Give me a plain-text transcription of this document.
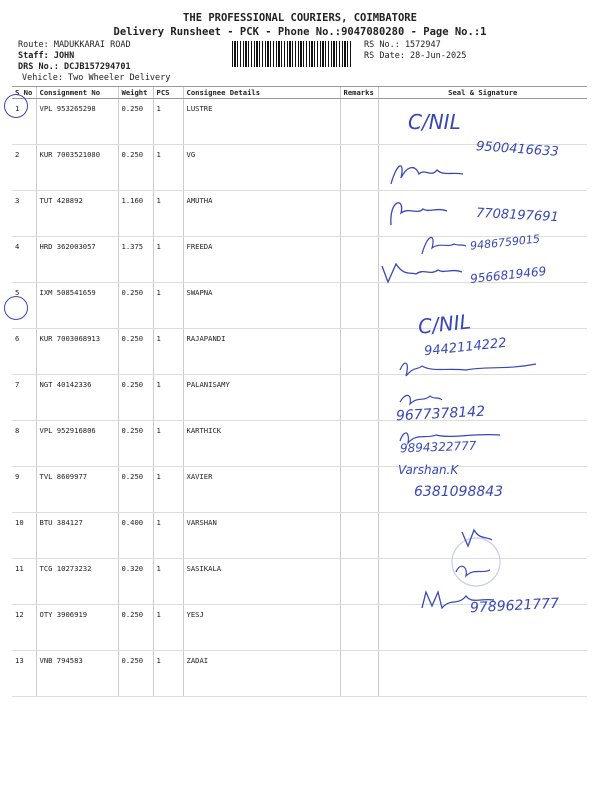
THE PROFESSIONAL COURIERS, COIMBATORE
Delivery Runsheet - PCK - Phone No.:9047080280 - Page No.:1
Route: MADUKKARAI ROAD
Staff: JOHN
DRS No.: DCJB157294701
Vehicle: Two Wheeler Delivery
RS No.: 1572947
RS Date: 28-Jun-2025
S No	Consignment No	Weight	PCS	Consignee Details	Remarks	Seal & Signature
1	VPL 953265298	0.250	1	LUSTRE		
2	KUR 7003521080	0.250	1	VG		
3	TUT 428892	1.160	1	AMUTHA		
4	HRD 362003057	1.375	1	FREEDA		
5	IXM 508541659	0.250	1	SWAPNA		
6	KUR 7003068913	0.250	1	RAJAPANDI		
7	NGT 40142336	0.250	1	PALANISAMY		
8	VPL 952916806	0.250	1	KARTHICK		
9	TVL 8609977	0.250	1	XAVIER		
10	BTU 384127	0.400	1	VARSHAN		
11	TCG 10273232	0.320	1	SASIKALA		
12	OTY 3906919	0.250	1	YESJ		
13	VNB 794583	0.250	1	ZADAI		
C/NIL
9500416633
7708197691
9486759015
9566819469
C/NIL
9442114222
9677378142
9894322777
Varshan.K
6381098843
9789621777
